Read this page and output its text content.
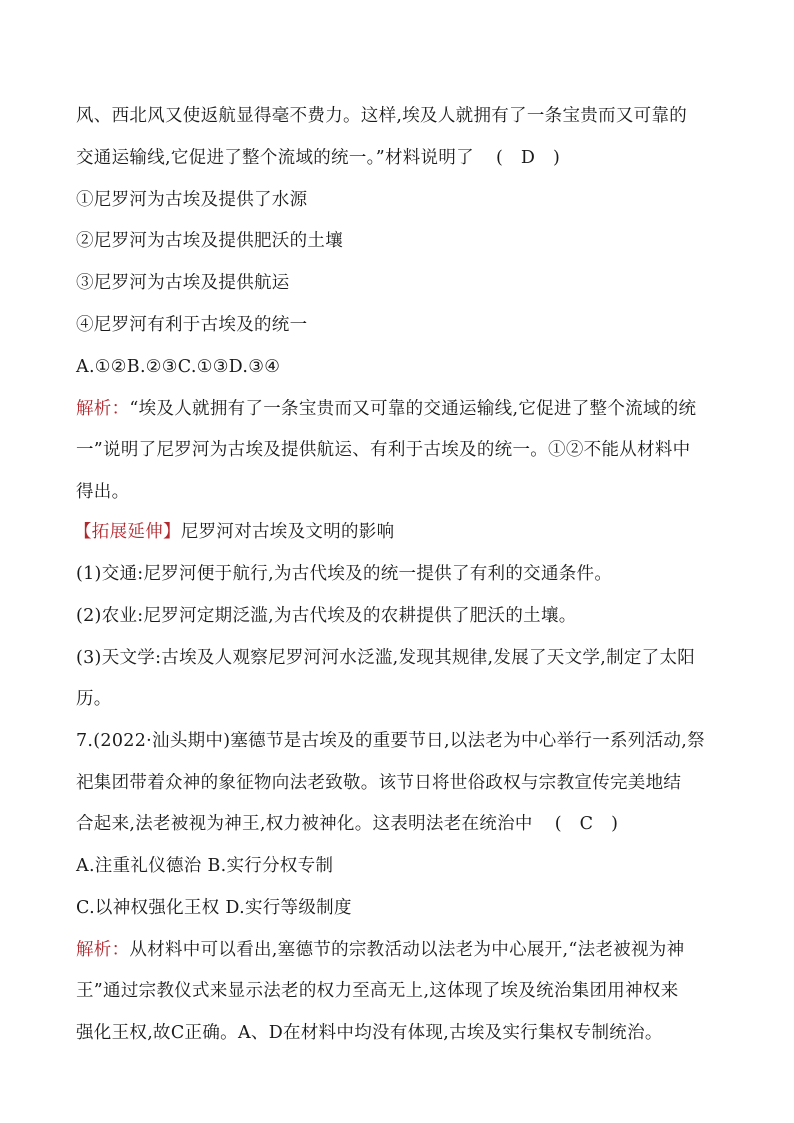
风、西北风又使返航显得毫不费力。这样,埃及人就拥有了一条宝贵而又可靠的
交通运输线,它促进了整个流域的统一。”材料说明了 (　D　)
①尼罗河为古埃及提供了水源
②尼罗河为古埃及提供肥沃的土壤
③尼罗河为古埃及提供航运
④尼罗河有利于古埃及的统一
A.①②B.②③C.①③D.③④
解析：“埃及人就拥有了一条宝贵而又可靠的交通运输线,它促进了整个流域的统
一”说明了尼罗河为古埃及提供航运、有利于古埃及的统一。①②不能从材料中
得出。
【拓展延伸】尼罗河对古埃及文明的影响
(1)交通:尼罗河便于航行,为古代埃及的统一提供了有利的交通条件。
(2)农业:尼罗河定期泛滥,为古代埃及的农耕提供了肥沃的土壤。
(3)天文学:古埃及人观察尼罗河河水泛滥,发现其规律,发展了天文学,制定了太阳
历。
7.(2022·汕头期中)塞德节是古埃及的重要节日,以法老为中心举行一系列活动,祭
祀集团带着众神的象征物向法老致敬。该节日将世俗政权与宗教宣传完美地结
合起来,法老被视为神王,权力被神化。这表明法老在统治中 (　C　)
A.注重礼仪德治 B.实行分权专制
C.以神权强化王权 D.实行等级制度
解析：从材料中可以看出,塞德节的宗教活动以法老为中心展开,“法老被视为神
王”通过宗教仪式来显示法老的权力至高无上,这体现了埃及统治集团用神权来
强化王权,故C正确。A、D在材料中均没有体现,古埃及实行集权专制统治。
